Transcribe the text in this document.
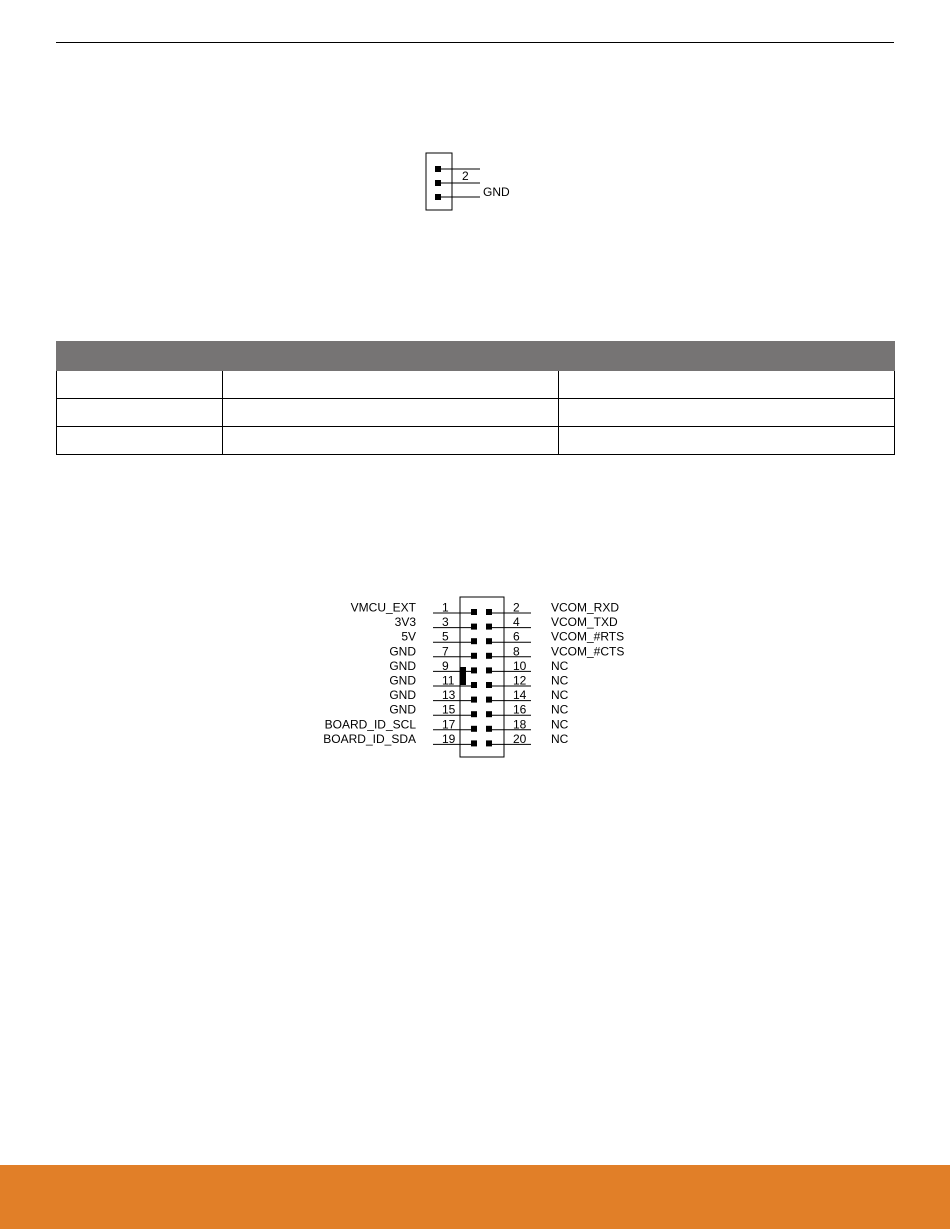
2
GND

VMCU_EXT 1	2	VCOM_RXD
3V3 3	4	VCOM_TXD
5V 5	6	VCOM_#RTS
GND 7	8	VCOM_#CTS
GND 9	10 NC
GND 11	12 NC
GND 13	14 NC
GND 15	16 NC
BOARD_ID_SCL 17	18 NC
BOARD_ID_SDA 19	20 NC
